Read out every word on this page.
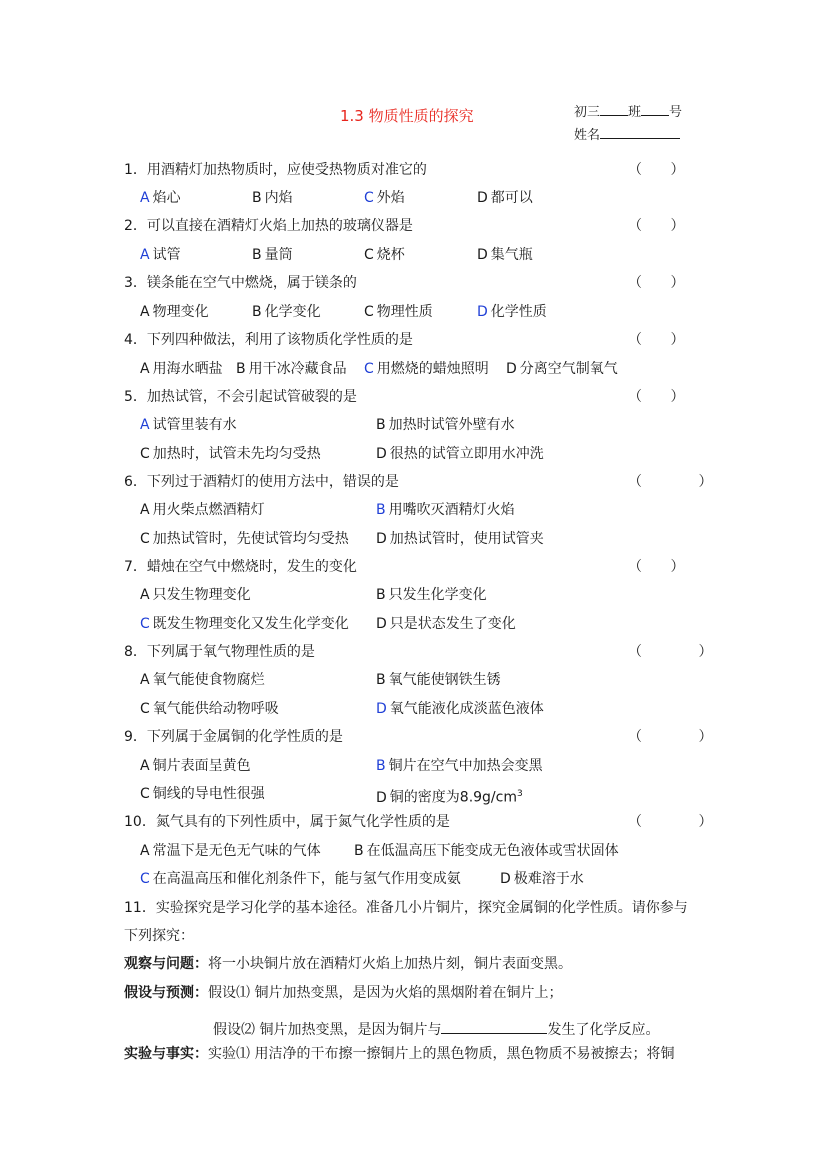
1.3 物质性质的探究	初三 班 号
姓名
1．用酒精灯加热物质时，应使受热物质对准它的	（ ）
A 焰心	B 内焰	C 外焰	D 都可以
2．可以直接在酒精灯火焰上加热的玻璃仪器是	（ ）
A 试管	B 量筒	C 烧杯	D 集气瓶
3．镁条能在空气中燃烧，属于镁条的	（ ）
A 物理变化	B 化学变化	C 物理性质	D 化学性质
4．下列四种做法，利用了该物质化学性质的是	（ ）
A 用海水晒盐 B 用干冰冷藏食品 C 用燃烧的蜡烛照明 D 分离空气制氧气
5．加热试管，不会引起试管破裂的是	（ ）
A 试管里装有水	B 加热时试管外壁有水
C 加热时，试管未先均匀受热	D 很热的试管立即用水冲洗
6．下列过于酒精灯的使用方法中，错误的是	（ ）
A 用火柴点燃酒精灯	B 用嘴吹灭酒精灯火焰
C 加热试管时，先使试管均匀受热 D 加热试管时，使用试管夹
7．蜡烛在空气中燃烧时，发生的变化	（ ）
A 只发生物理变化	B 只发生化学变化
C 既发生物理变化又发生化学变化 D 只是状态发生了变化
8．下列属于氧气物理性质的是	（ ）
A 氧气能使食物腐烂	B 氧气能使钢铁生锈
C 氧气能供给动物呼吸	D 氧气能液化成淡蓝色液体
9．下列属于金属铜的化学性质的是	（ ）
A 铜片表面呈黄色	B 铜片在空气中加热会变黑
C 铜线的导电性很强	D 铜的密度为$8.9g/cm^3$
10．氮气具有的下列性质中，属于氮气化学性质的是	（ ）
A 常温下是无色无气味的气体 B 在低温高压下能变成无色液体或雪状固体
C 在高温高压和催化剂条件下，能与氢气作用变成氨	D 极难溶于水
11．实验探究是学习化学的基本途径。准备几小片铜片，探究金属铜的化学性质。请你参与
下列探究：
观察与问题：将一小块铜片放在酒精灯火焰上加热片刻，铜片表面变黑。
假设与预测：假设⑴ 铜片加热变黑，是因为火焰的黑烟附着在铜片上；
假设⑵ 铜片加热变黑，是因为铜片与	发生了化学反应。
实验与事实：实验⑴ 用洁净的干布擦一擦铜片上的黑色物质，黑色物质不易被擦去；将铜
